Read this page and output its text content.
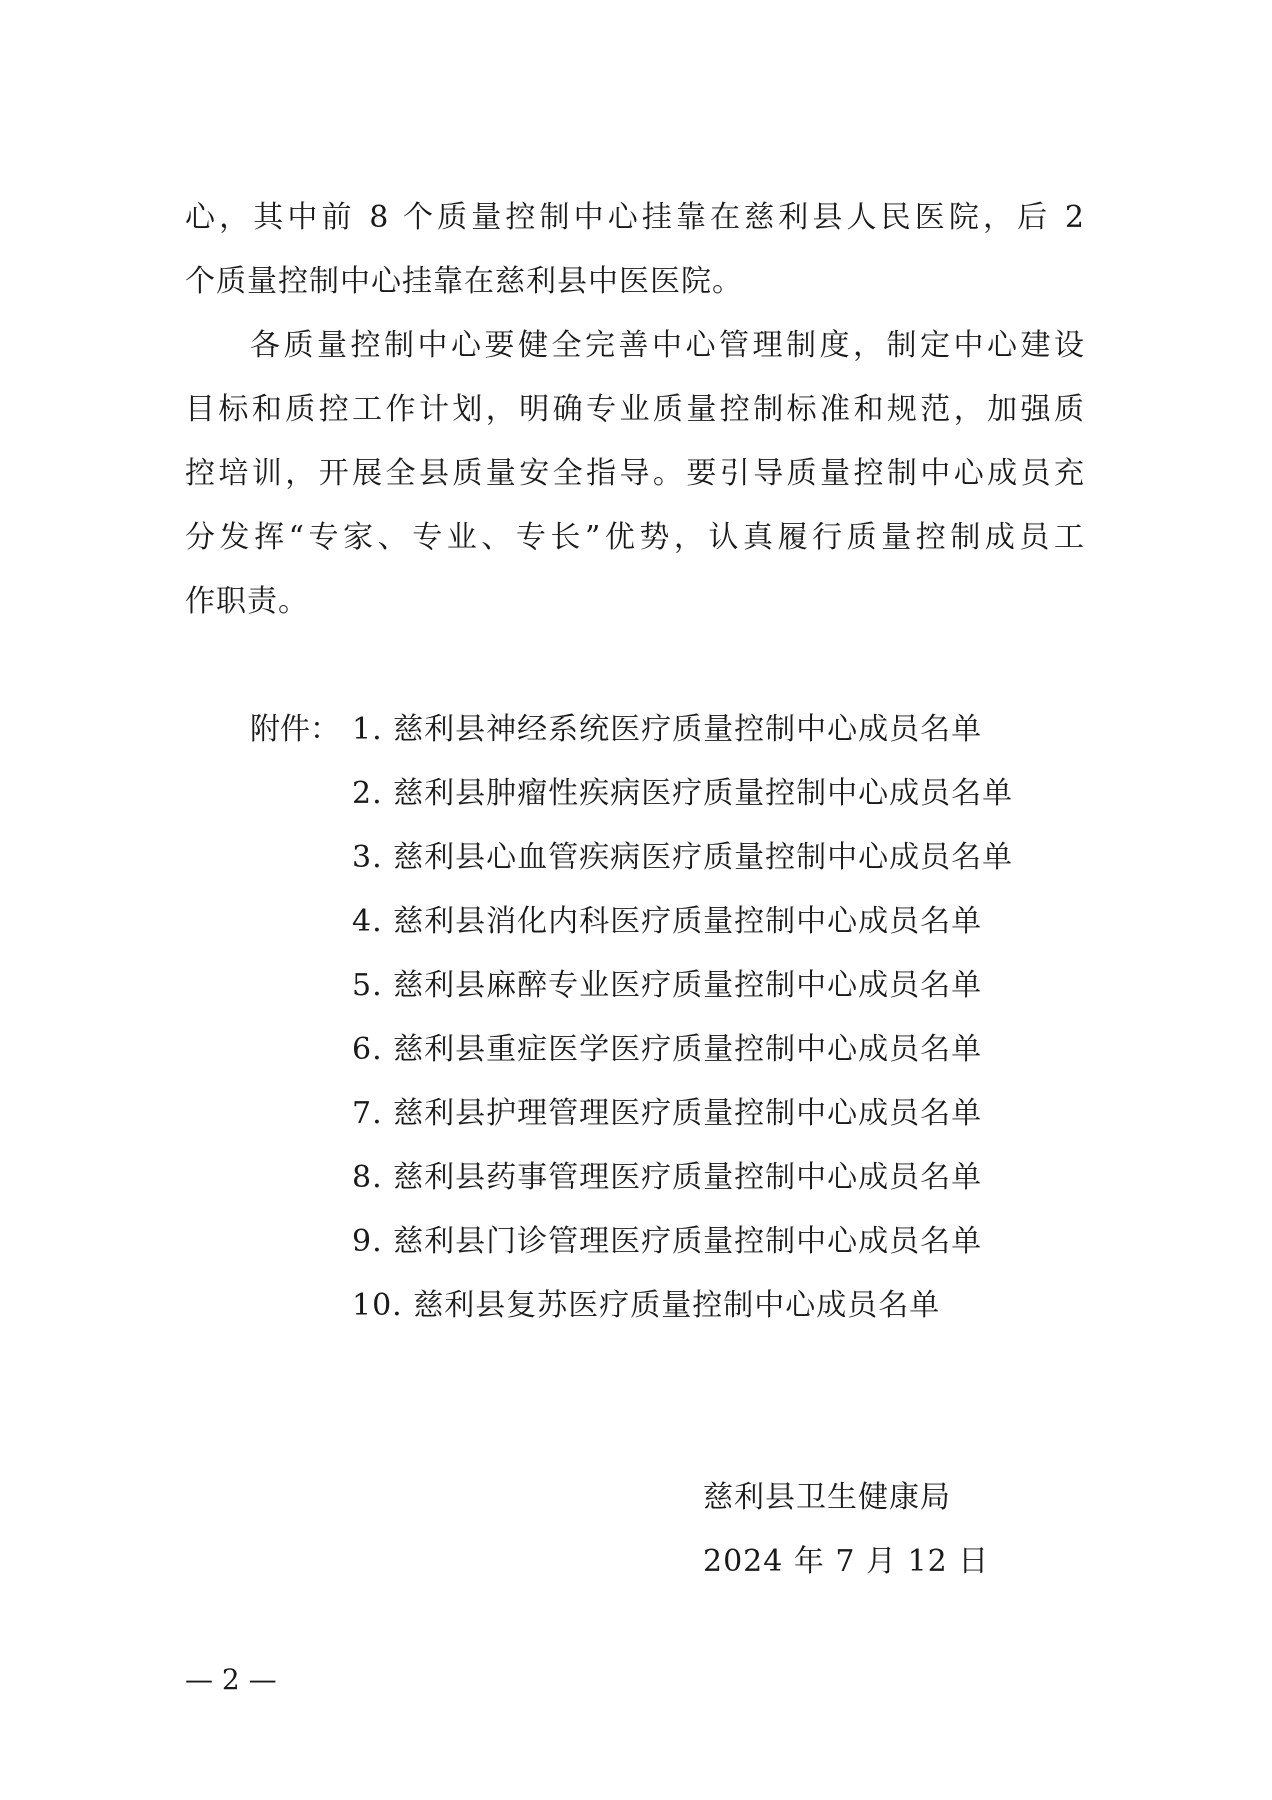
心，其中前 8 个质量控制中心挂靠在慈利县人民医院，后 2
个质量控制中心挂靠在慈利县中医医院。
各质量控制中心要健全完善中心管理制度，制定中心建设
目标和质控工作计划，明确专业质量控制标准和规范，加强质
控培训，开展全县质量安全指导。要引导质量控制中心成员充
分发挥“专家、专业、专长”优势，认真履行质量控制成员工
作职责。
附件： 1. 慈利县神经系统医疗质量控制中心成员名单
2. 慈利县肿瘤性疾病医疗质量控制中心成员名单
3. 慈利县心血管疾病医疗质量控制中心成员名单
4. 慈利县消化内科医疗质量控制中心成员名单
5. 慈利县麻醉专业医疗质量控制中心成员名单
6. 慈利县重症医学医疗质量控制中心成员名单
7. 慈利县护理管理医疗质量控制中心成员名单
8. 慈利县药事管理医疗质量控制中心成员名单
9. 慈利县门诊管理医疗质量控制中心成员名单
10. 慈利县复苏医疗质量控制中心成员名单
慈利县卫生健康局
2024 年 7 月 12 日
— 2 —
